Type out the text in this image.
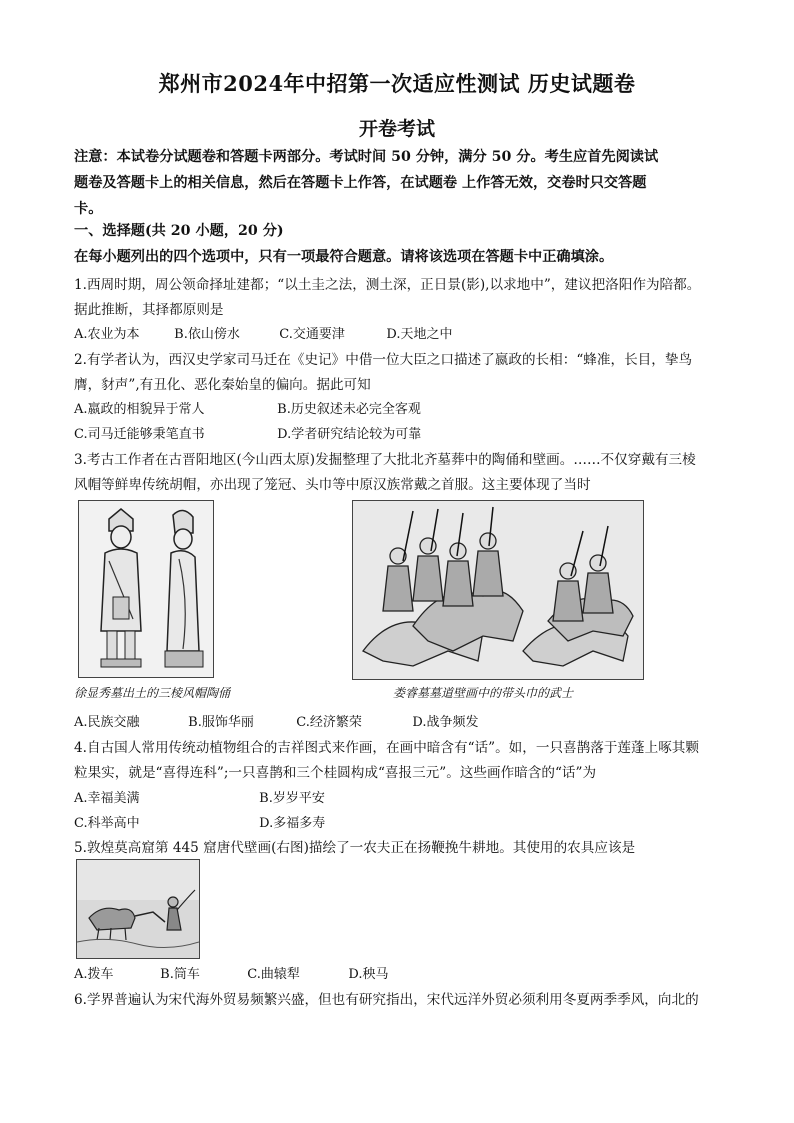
郑州市2024年中招第一次适应性测试 历史试题卷
开卷考试
注意：本试卷分试题卷和答题卡两部分。考试时间 50 分钟，满分 50 分。考生应首先阅读试
题卷及答题卡上的相关信息，然后在答题卡上作答，在试题卷 上作答无效，交卷时只交答题
卡。
一、选择题(共 20 小题，20 分)
在每小题列出的四个选项中，只有一项最符合题意。请将该选项在答题卡中正确填涂。
1.西周时期，周公领命择址建都；“以土圭之法，测土深，正日景(影),以求地中”，建议把洛阳作为陪都。
据此推断，其择都原则是
A.农业为本	B.依山傍水	C.交通要津	D.天地之中
2.有学者认为，西汉史学家司马迁在《史记》中借一位大臣之口描述了嬴政的长相：“蜂准，长目，挚鸟
膺，豺声”,有丑化、恶化秦始皇的偏向。据此可知
A.嬴政的相貌异于常人	B.历史叙述未必完全客观
C.司马迁能够秉笔直书	D.学者研究结论较为可靠
3.考古工作者在古晋阳地区(今山西太原)发掘整理了大批北齐墓葬中的陶俑和壁画。……不仅穿戴有三棱
风帽等鲜卑传统胡帽，亦出现了笼冠、头巾等中原汉族常戴之首服。这主要体现了当时
徐显秀墓出土的三棱风帽陶俑	娄睿墓墓道壁画中的带头巾的武士
A.民族交融	B.服饰华丽	C.经济繁荣	D.战争频发
4.自古国人常用传统动植物组合的吉祥图式来作画，在画中暗含有“话”。如，一只喜鹊落于莲蓬上啄其颗
粒果实，就是“喜得连科”;一只喜鹊和三个桂圆构成“喜报三元”。这些画作暗含的“话”为
A.幸福美满	B.岁岁平安
C.科举高中	D.多福多寿
5.敦煌莫高窟第 445 窟唐代壁画(右图)描绘了一农夫正在扬鞭挽牛耕地。其使用的农具应该是
A.拨车	B.筒车	C.曲辕犁	D.秧马
6.学界普遍认为宋代海外贸易频繁兴盛，但也有研究指出，宋代远洋外贸必须利用冬夏两季季风，向北的
